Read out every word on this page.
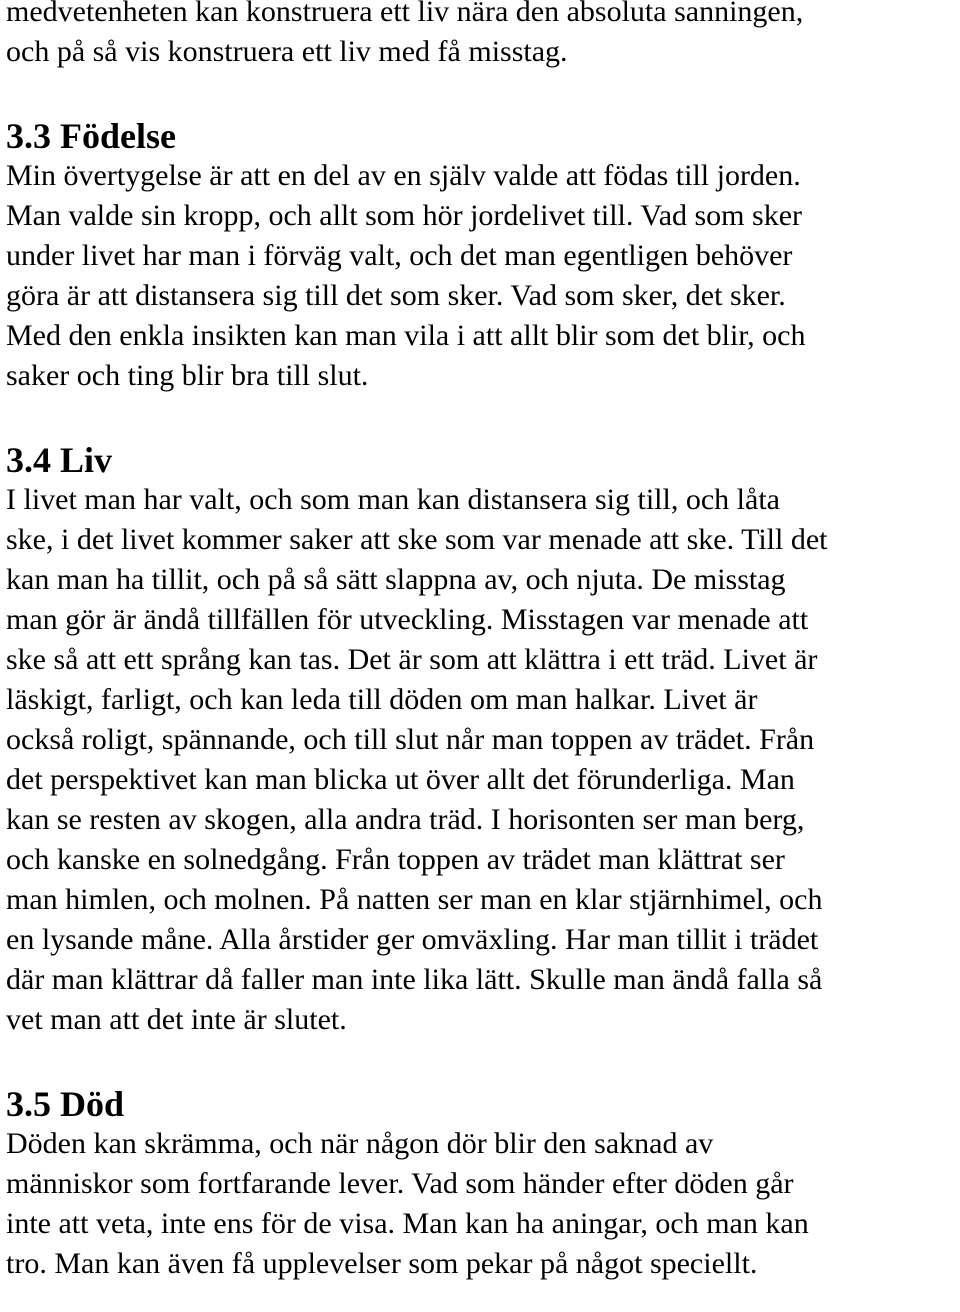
medvetenheten kan konstruera ett liv nära den absoluta sanningen,

och på så vis konstruera ett liv med få misstag.

3.3 Födelse

Min övertygelse är att en del av en själv valde att födas till jorden.

Man valde sin kropp, och allt som hör jordelivet till. Vad som sker

under livet har man i förväg valt, och det man egentligen behöver

göra är att distansera sig till det som sker. Vad som sker, det sker.

Med den enkla insikten kan man vila i att allt blir som det blir, och

saker och ting blir bra till slut.

3.4 Liv

I livet man har valt, och som man kan distansera sig till, och låta

ske, i det livet kommer saker att ske som var menade att ske. Till det

kan man ha tillit, och på så sätt slappna av, och njuta. De misstag

man gör är ändå tillfällen för utveckling. Misstagen var menade att

ske så att ett språng kan tas. Det är som att klättra i ett träd. Livet är

läskigt, farligt, och kan leda till döden om man halkar. Livet är

också roligt, spännande, och till slut når man toppen av trädet. Från

det perspektivet kan man blicka ut över allt det förunderliga. Man

kan se resten av skogen, alla andra träd. I horisonten ser man berg,

och kanske en solnedgång. Från toppen av trädet man klättrat ser

man himlen, och molnen. På natten ser man en klar stjärnhimel, och

en lysande måne. Alla årstider ger omväxling. Har man tillit i trädet

där man klättrar då faller man inte lika lätt. Skulle man ändå falla så

vet man att det inte är slutet.

3.5 Död

Döden kan skrämma, och när någon dör blir den saknad av

människor som fortfarande lever. Vad som händer efter döden går

inte att veta, inte ens för de visa. Man kan ha aningar, och man kan

tro. Man kan även få upplevelser som pekar på något speciellt.
